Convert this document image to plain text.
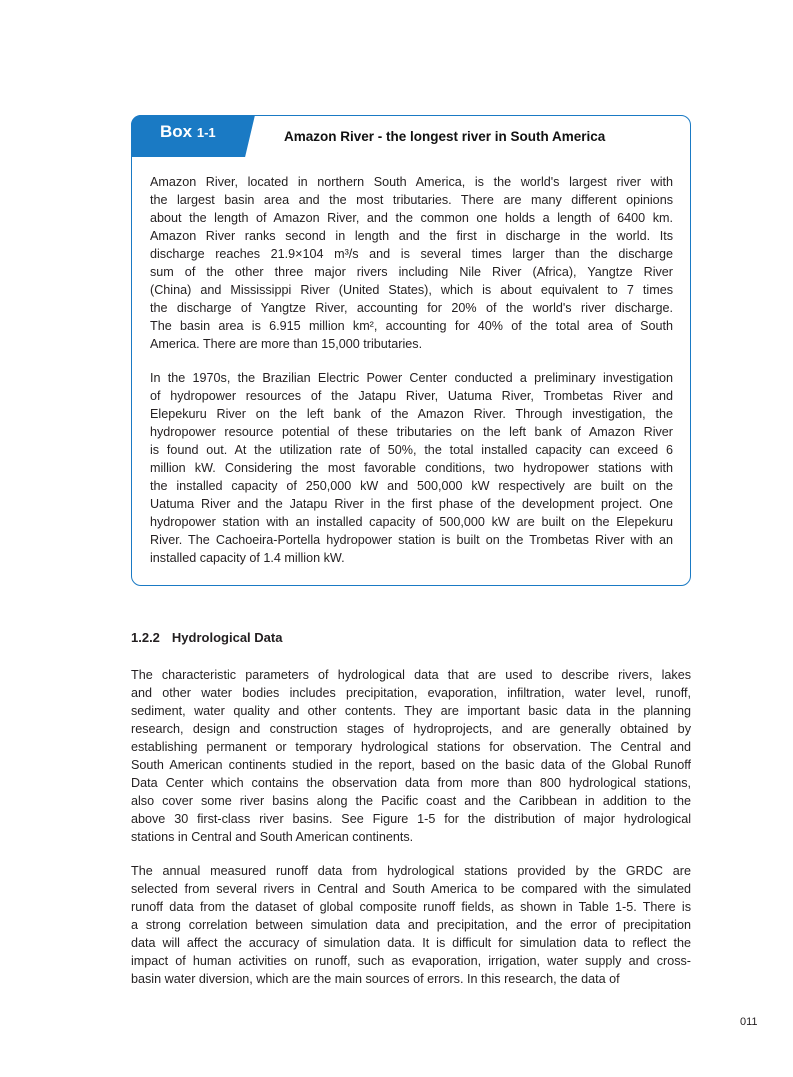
Box 1-1	Amazon River - the longest river in South America
Amazon River, located in northern South America, is the world's largest river with
the largest basin area and the most tributaries. There are many different opinions
about the length of Amazon River, and the common one holds a length of 6400 km.
Amazon River ranks second in length and the first in discharge in the world. Its
discharge reaches 21.9×104 m³/s and is several times larger than the discharge
sum of the other three major rivers including Nile River (Africa), Yangtze River
(China) and Mississippi River (United States), which is about equivalent to 7 times
the discharge of Yangtze River, accounting for 20% of the world's river discharge.
The basin area is 6.915 million km², accounting for 40% of the total area of South
America. There are more than 15,000 tributaries.
In the 1970s, the Brazilian Electric Power Center conducted a preliminary investigation
of hydropower resources of the Jatapu River, Uatuma River, Trombetas River and
Elepekuru River on the left bank of the Amazon River. Through investigation, the
hydropower resource potential of these tributaries on the left bank of Amazon River
is found out. At the utilization rate of 50%, the total installed capacity can exceed 6
million kW. Considering the most favorable conditions, two hydropower stations with
the installed capacity of 250,000 kW and 500,000 kW respectively are built on the
Uatuma River and the Jatapu River in the first phase of the development project. One
hydropower station with an installed capacity of 500,000 kW are built on the Elepekuru
River. The Cachoeira-Portella hydropower station is built on the Trombetas River with an
installed capacity of 1.4 million kW.
1.2.2 Hydrological Data
The characteristic parameters of hydrological data that are used to describe rivers, lakes
and other water bodies includes precipitation, evaporation, infiltration, water level, runoff,
sediment, water quality and other contents. They are important basic data in the planning
research, design and construction stages of hydroprojects, and are generally obtained by
establishing permanent or temporary hydrological stations for observation. The Central and
South American continents studied in the report, based on the basic data of the Global Runoff
Data Center which contains the observation data from more than 800 hydrological stations,
also cover some river basins along the Pacific coast and the Caribbean in addition to the
above 30 first-class river basins. See Figure 1-5 for the distribution of major hydrological
stations in Central and South American continents.
The annual measured runoff data from hydrological stations provided by the GRDC are
selected from several rivers in Central and South America to be compared with the simulated
runoff data from the dataset of global composite runoff fields, as shown in Table 1-5. There is
a strong correlation between simulation data and precipitation, and the error of precipitation
data will affect the accuracy of simulation data. It is difficult for simulation data to reflect the
impact of human activities on runoff, such as evaporation, irrigation, water supply and cross-
basin water diversion, which are the main sources of errors. In this research, the data of
011
